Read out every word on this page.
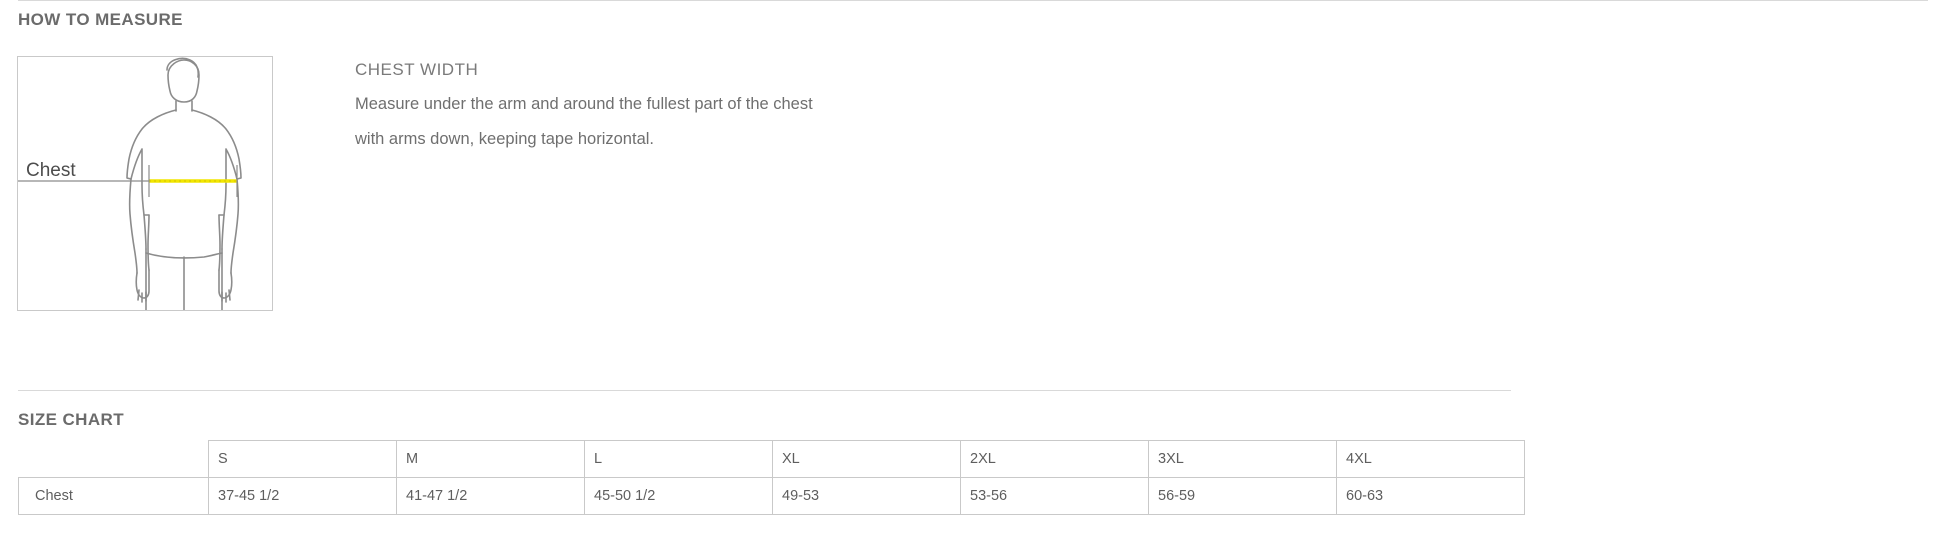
HOW TO MEASURE
Chest
CHEST WIDTH
Measure under the arm and around the fullest part of the chest
with arms down, keeping tape horizontal.
SIZE CHART
	S	M	L	XL	2XL	3XL	4XL
Chest	37-45 1/2	41-47 1/2	45-50 1/2	49-53	53-56	56-59	60-63
